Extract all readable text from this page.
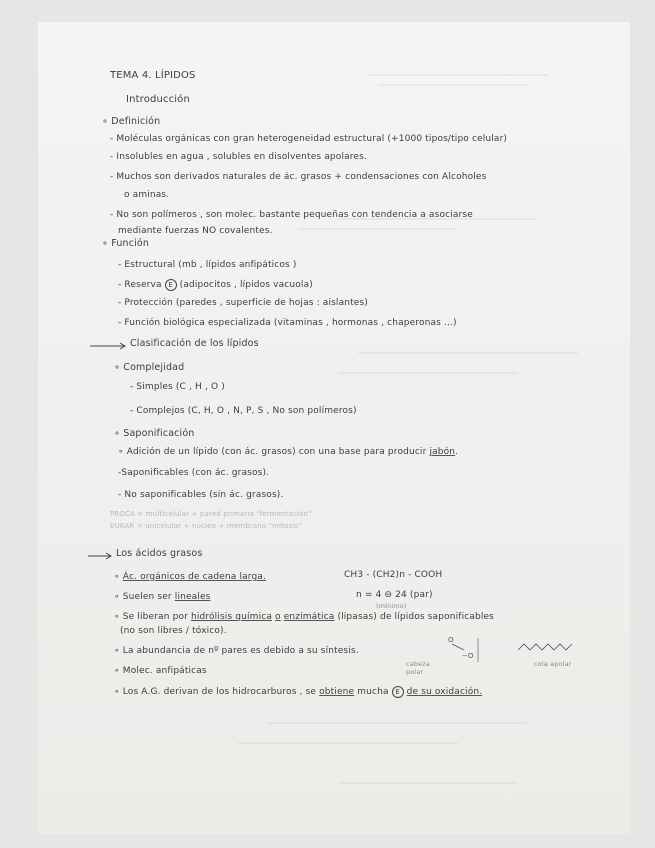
TEMA 4. LÍPIDOS
Introducción
∘ Definición
- Moléculas orgánicas con gran heterogeneidad estructural (+1000 tipos/tipo celular)
- Insolubles en agua , solubles en disolventes apolares.
- Muchos son derivados naturales de ác. grasos + condensaciones con Alcoholes
o aminas.
- No son polímeros , son molec. bastante pequeñas con tendencia a asociarse
mediante fuerzas NO covalentes.
∘ Función
- Estructural (mb , lípidos anfipáticos )
- Reserva E (adipocitos , lípidos vacuola)
- Protección (paredes , superficie de hojas : aislantes)
- Función biológica especializada (vitaminas , hormonas , chaperonas ...)
Clasificación de los lípidos
∘ Complejidad
- Simples (C , H , O )
- Complejos (C, H, O , N, P, S , No son polímeros)
∘ Saponificación
∘ Adición de un lípido (con ác. grasos) con una base para producir jabón.
-Saponificables (con ác. grasos).
- No saponificables (sin ác. grasos).
PROCA = multicelular + pared primaria "fermentación"
EUKAR = unicelular + núcleo + membrana "mitosis"
Los ácidos grasos
∘ Ác. orgánicos de cadena larga.	CH3 - (CH2)n - COOH
∘ Suelen ser lineales	n = 4 ⊖ 24 (par)
(mínimo)
∘ Se liberan por hidrólisis química o enzimática (lipasas) de lípidos saponificables
(no son libres / tóxico).
∘ La abundancia de nº pares es debido a su síntesis.
O
−O
cabeza polar
cola apolar
∘ Molec. anfipáticas
∘ Los A.G. derivan de los hidrocarburos , se obtiene mucha E de su oxidación.
